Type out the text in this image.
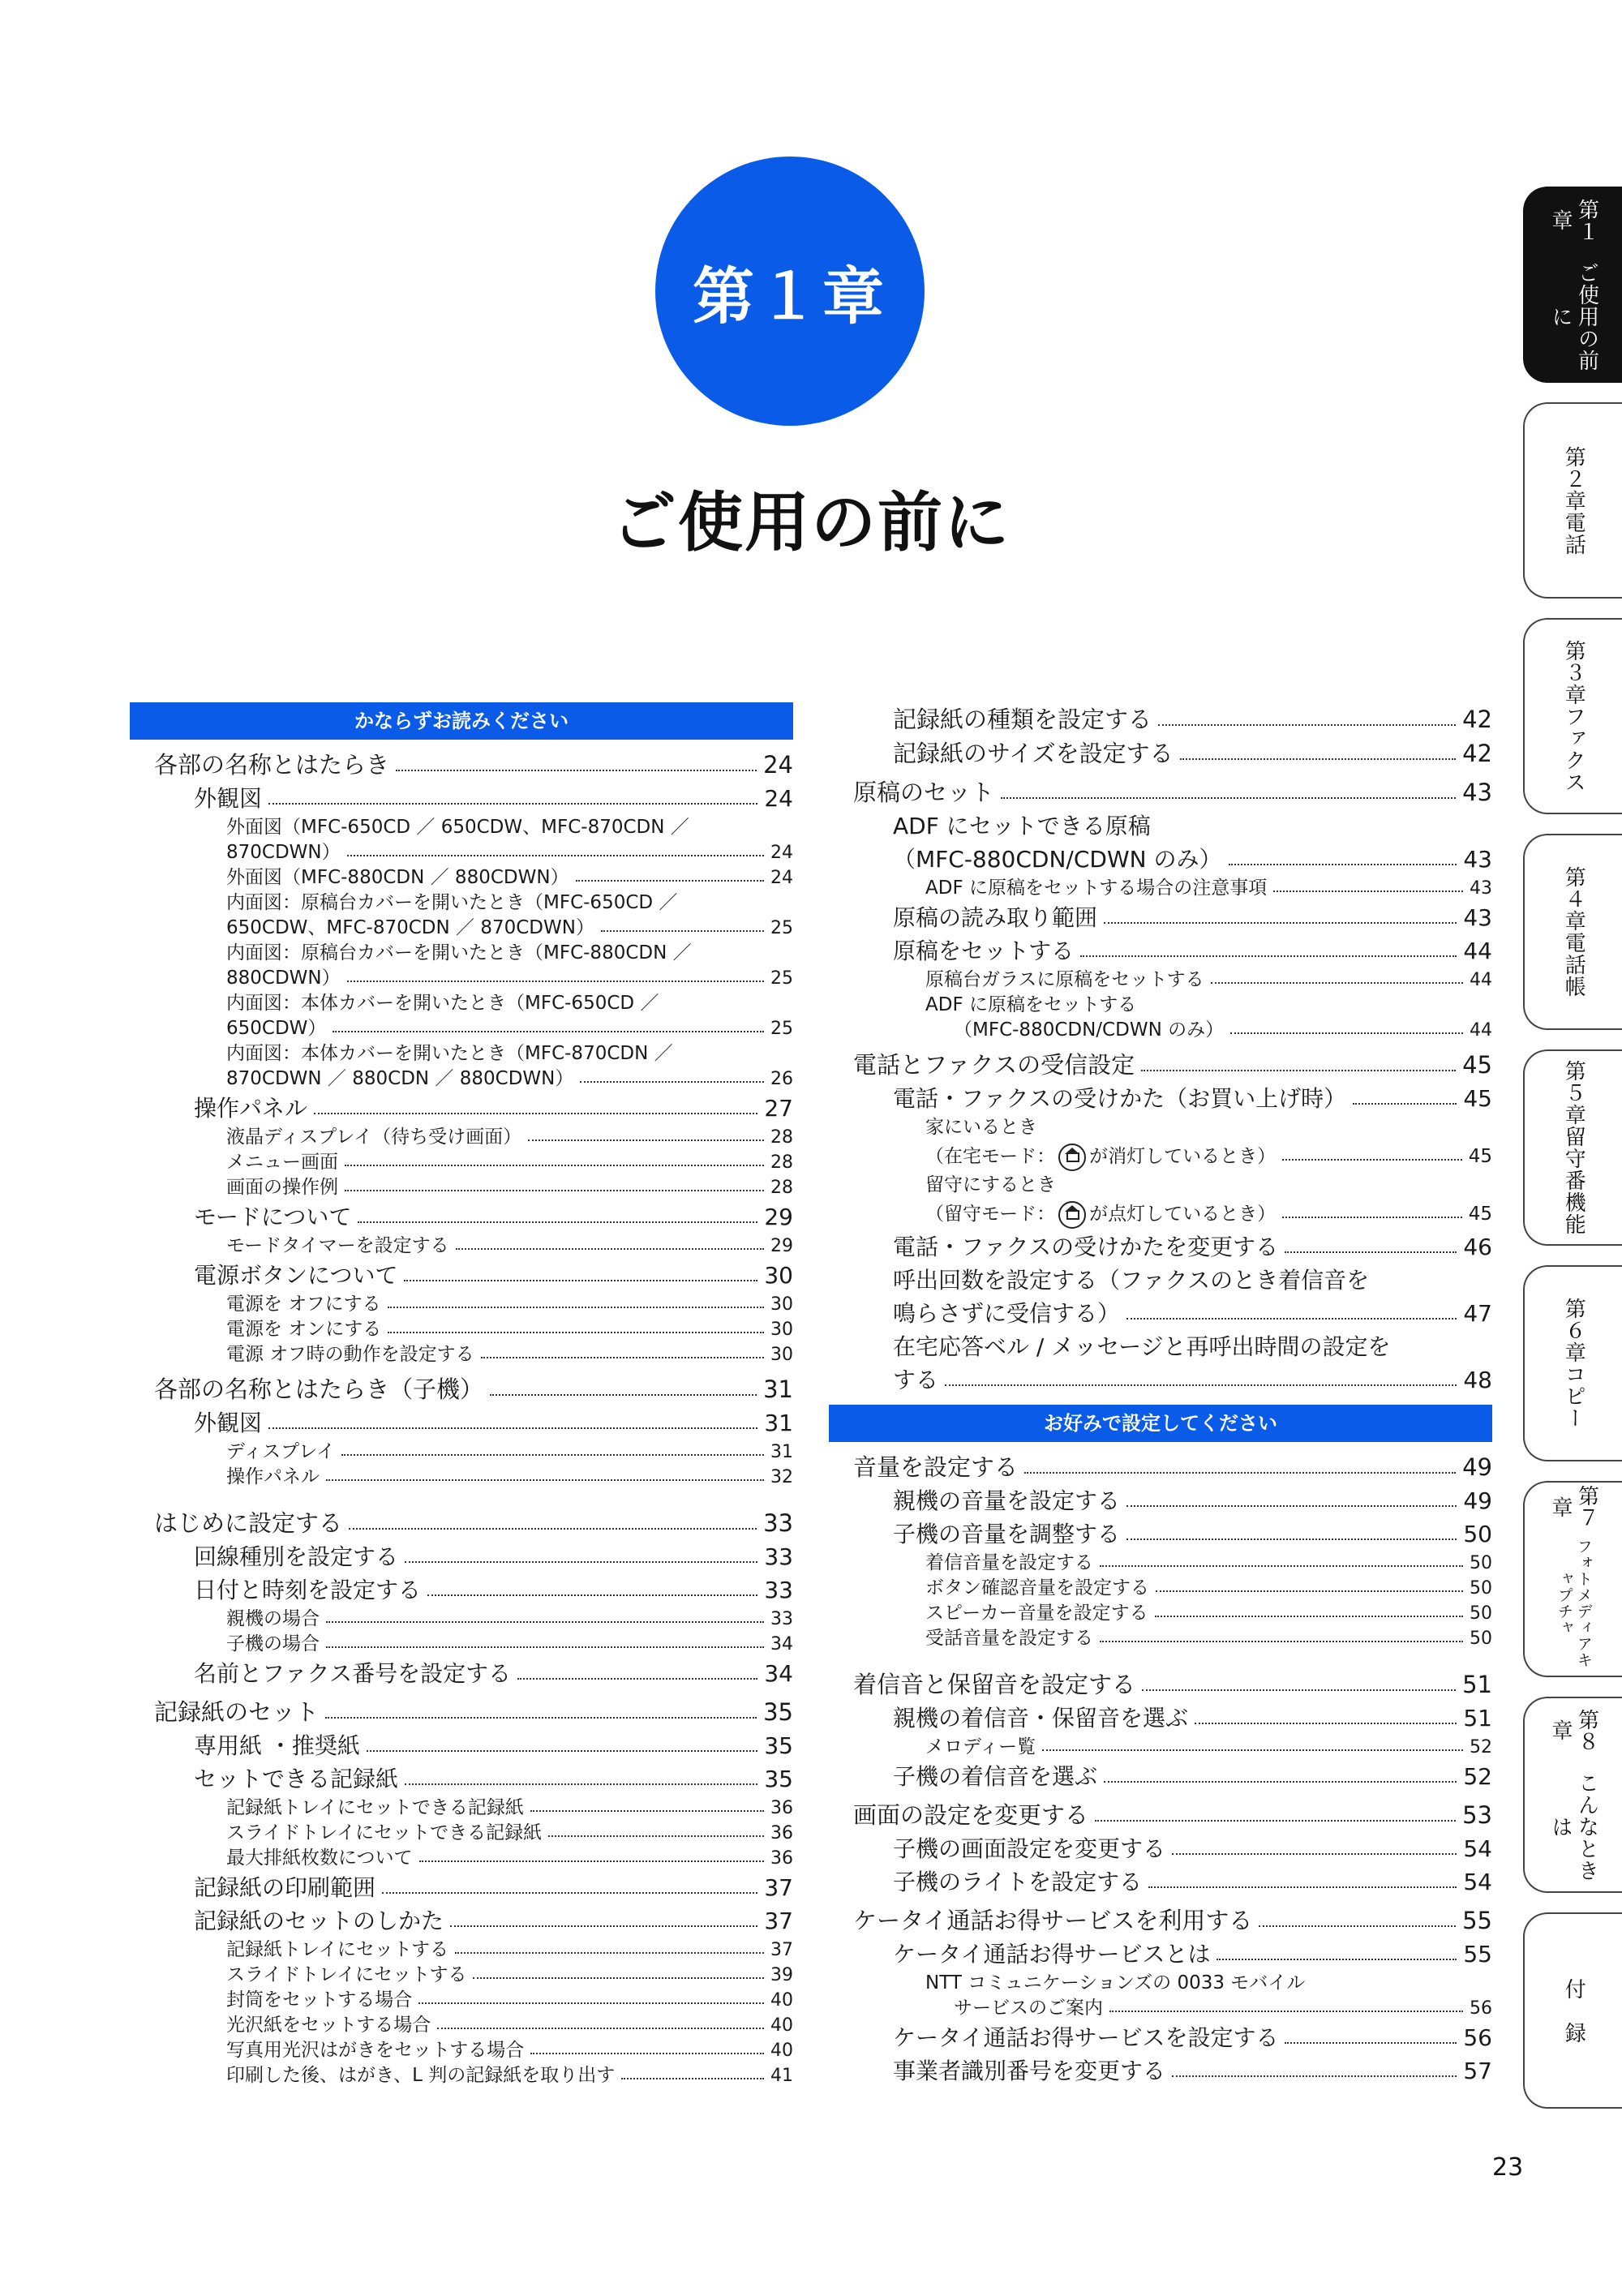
第１章
ご使用の前に
かならずお読みください
各部の名称とはたらき	24
外観図	24
外面図（MFC-650CD ／ 650CDW、MFC-870CDN ／
870CDWN）	24
外面図（MFC-880CDN ／ 880CDWN）	24
内面図：原稿台カバーを開いたとき（MFC-650CD ／
650CDW、MFC-870CDN ／ 870CDWN）	25
内面図：原稿台カバーを開いたとき（MFC-880CDN ／
880CDWN）	25
内面図：本体カバーを開いたとき（MFC-650CD ／
650CDW）	25
内面図：本体カバーを開いたとき（MFC-870CDN ／
870CDWN ／ 880CDN ／ 880CDWN）	26
操作パネル	27
液晶ディスプレイ（待ち受け画面）	28
メニュー画面	28
画面の操作例	28
モードについて	29
モードタイマーを設定する	29
電源ボタンについて	30
電源を オフにする	30
電源を オンにする	30
電源 オフ時の動作を設定する	30
各部の名称とはたらき（子機）	31
外観図	31
ディスプレイ	31
操作パネル	32
はじめに設定する	33
回線種別を設定する	33
日付と時刻を設定する	33
親機の場合	33
子機の場合	34
名前とファクス番号を設定する	34
記録紙のセット	35
専用紙 ・推奨紙	35
セットできる記録紙	35
記録紙トレイにセットできる記録紙	36
スライドトレイにセットできる記録紙	36
最大排紙枚数について	36
記録紙の印刷範囲	37
記録紙のセットのしかた	37
記録紙トレイにセットする	37
スライドトレイにセットする	39
封筒をセットする場合	40
光沢紙をセットする場合	40
写真用光沢はがきをセットする場合	40
印刷した後、はがき、L 判の記録紙を取り出す	41
記録紙の種類を設定する	42
記録紙のサイズを設定する	42
原稿のセット	43
ADF にセットできる原稿
（MFC-880CDN/CDWN のみ）	43
ADF に原稿をセットする場合の注意事項	43
原稿の読み取り範囲	43
原稿をセットする	44
原稿台ガラスに原稿をセットする	44
ADF に原稿をセットする
（MFC-880CDN/CDWN のみ）	44
電話とファクスの受信設定	45
電話・ファクスの受けかた（お買い上げ時）	45
家にいるとき
（在宅モード： が消灯しているとき）	45
留守にするとき
（留守モード： が点灯しているとき）	45
電話・ファクスの受けかたを変更する	46
呼出回数を設定する（ファクスのとき着信音を
鳴らさずに受信する）	47
在宅応答ベル / メッセージと再呼出時間の設定を
する	48
お好みで設定してください
音量を設定する	49
親機の音量を設定する	49
子機の音量を調整する	50
着信音量を設定する	50
ボタン確認音量を設定する	50
スピーカー音量を設定する	50
受話音量を設定する	50
着信音と保留音を設定する	51
親機の着信音・保留音を選ぶ	51
メロディー覧	52
子機の着信音を選ぶ	52
画面の設定を変更する	53
子機の画面設定を変更する	54
子機のライトを設定する	54
ケータイ通話お得サービスを利用する	55
ケータイ通話お得サービスとは	55
NTT コミュニケーションズの 0033 モバイル
サービスのご案内	56
ケータイ通話お得サービスを設定する	56
事業者識別番号を変更する	57
第１章
ご使用の前に
第２章
電話
第３章
ファクス
第４章
電話帳
第５章
留守番機能
第６章
コピー
第７章
フォトメディアキャプチャ
第８章
こんなときは
付　録
23
